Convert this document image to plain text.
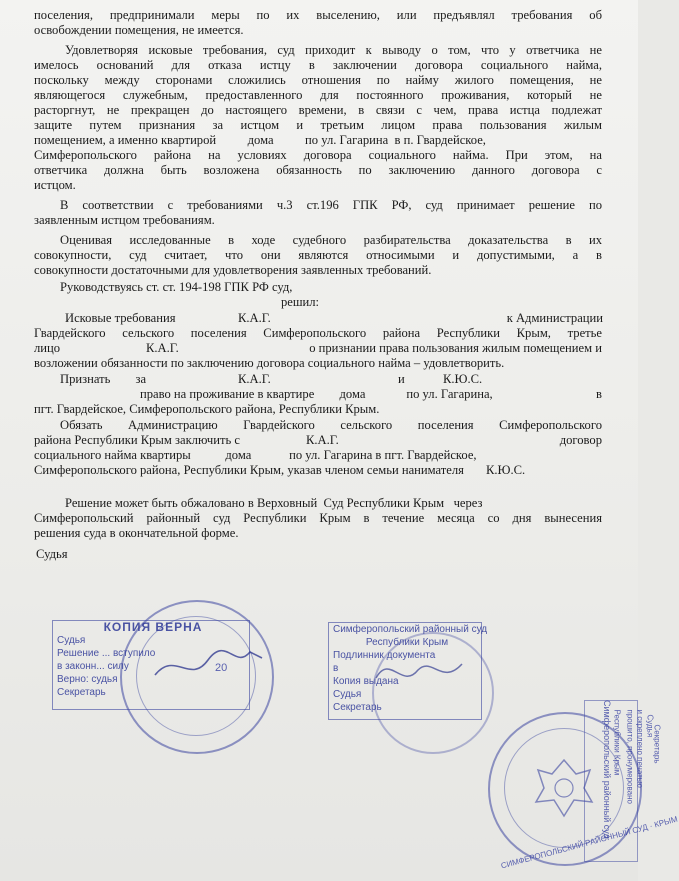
поселения, предпринимали меры по их выселению, или предъявлял требования об
освобождении помещения, не имеется.
Удовлетворяя исковые требования, суд приходит к выводу о том, что у ответчика не
имелось оснований для отказа истцу в заключении договора социального найма,
поскольку между сторонами сложились отношения по найму жилого помещения, не
являющегося служебным, предоставленного для постоянного проживания, который не
расторгнут, не прекращен до настоящего времени, в связи с чем, права истца подлежат
защите путем признания за истцом и третьим лицом права пользования жилым
помещением, а именно квартирой          дома          по ул. Гагарина  в п. Гвардейское,
Симферопольского района на условиях договора социального найма. При этом, на
ответчика должна быть возложена обязанность по заключению данного договора с
истцом.
В соответствии с требованиями ч.3 ст.196 ГПК РФ, суд принимает решение по
заявленным истцом требованиям.
Оценивая исследованные в ходе судебного разбирательства доказательства в их
совокупности, суд считает, что они являются относимыми и допустимыми, а в
совокупности достаточными для удовлетворения заявленных требований.
Руководствуясь ст. ст. 194-198 ГПК РФ суд,
решил:
Исковые требования	К.А.Г.	к Администрации
Гвардейского сельского поселения Симферопольского района Республики Крым, третье
лицо	К.А.Г.	о признании права пользования жилым помещением и
возложении обязанности по заключению договора социального найма – удовлетворить.
Признать        за	К.А.Г.	и	К.Ю.С.
право на проживание в квартире        дома             по ул. Гагарина,	в
пгт. Гвардейское, Симферопольского района, Республики Крым.
Обязать Администрацию Гвардейского сельского поселения Симферопольского
района Республики Крым заключить с	К.А.Г.	договор
социального найма квартиры           дома            по ул. Гагарина в пгт. Гвардейское,
Симферопольского района, Республики Крым, указав членом семьи нанимателя	К.Ю.С.
Решение может быть обжаловано в Верховный  Суд Республики Крым   через
Симферопольский районный суд Республики Крым в течение месяца со дня вынесения
решения суда в окончательной форме.
Судья
КОПИЯ ВЕРНА
Судья
Решение ... вступило
в законн... силу
Верно: судья
Секретарь
20
Симферопольский районный суд
Республики Крым
Подлинник документа
в
Копия выдана
Судья
Секретарь
СИМФЕРОПОЛЬСКИЙ РАЙОННЫЙ СУД · КРЫМ
Симферопольский районный суд Республики Крым прошито, пронумеровано и скреплено печатью Судья
Секретарь
